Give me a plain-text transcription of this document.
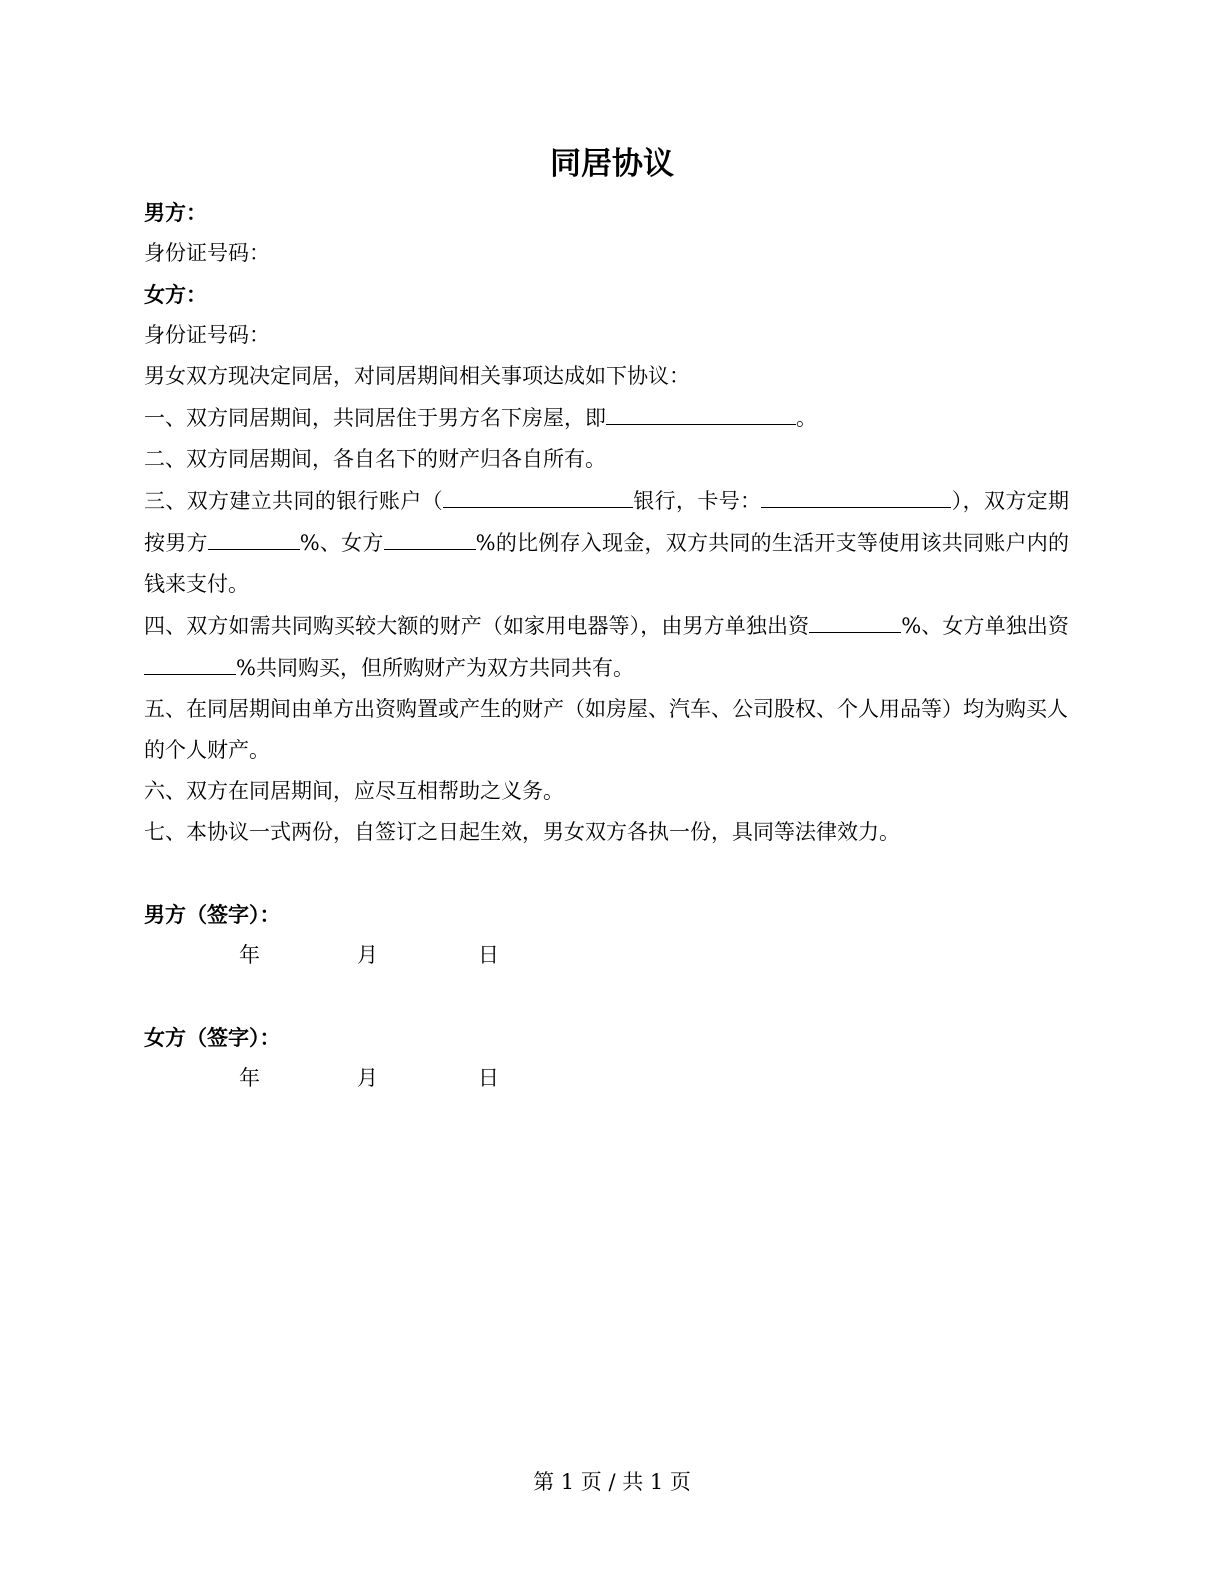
同居协议

男方：

身份证号码：

女方：

身份证号码：

男女双方现决定同居，对同居期间相关事项达成如下协议：

一、双方同居期间，共同居住于男方名下房屋，即	。

二、双方同居期间，各自名下的财产归各自所有。

三、双方建立共同的银行账户（	银行，卡号：	），双方定期按男方	%、女方	%的比例存入现金，双方共同的生活开支等使用该共同账户内的钱来支付。

四、双方如需共同购买较大额的财产（如家用电器等），由男方单独出资	%、女方单独出资%共同购买，但所购财产为双方共同共有。

五、在同居期间由单方出资购置或产生的财产（如房屋、汽车、公司股权、个人用品等）均为购买人的个人财产。

六、双方在同居期间，应尽互相帮助之义务。

七、本协议一式两份，自签订之日起生效，男女双方各执一份，具同等法律效力。

男方（签字）：

年	月	日

女方（签字）：

年	月	日

第 1 页 / 共 1 页
